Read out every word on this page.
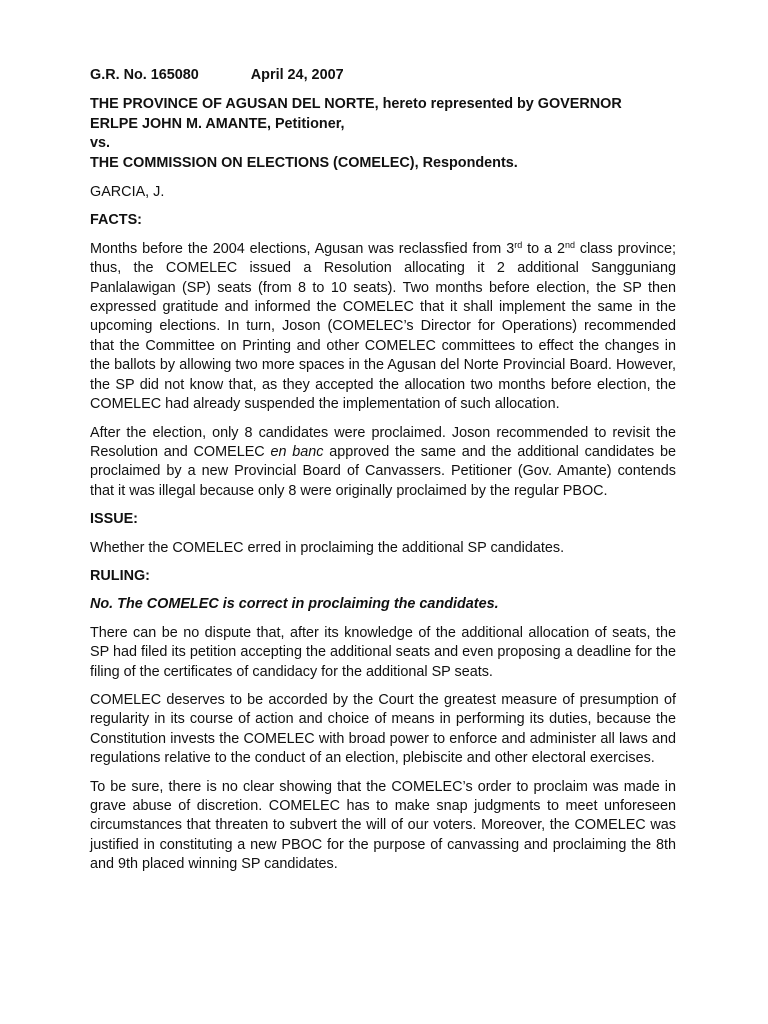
G.R. No. 165080	April 24, 2007
THE PROVINCE OF AGUSAN DEL NORTE, hereto represented by GOVERNOR
ERLPE JOHN M. AMANTE, Petitioner,
vs.
THE COMMISSION ON ELECTIONS (COMELEC), Respondents.
GARCIA, J.
FACTS:

Months before the 2004 elections, Agusan was reclassfied from 3rd to a 2nd class province; thus, the COMELEC issued a Resolution allocating it 2 additional Sangguniang Panlalawigan (SP) seats (from 8 to 10 seats). Two months before election, the SP then expressed gratitude and informed the COMELEC that it shall implement the same in the upcoming elections. In turn, Joson (COMELEC’s Director for Operations) recommended that the Committee on Printing and other COMELEC committees to effect the changes in the ballots by allowing two more spaces in the Agusan del Norte Provincial Board. However, the SP did not know that, as they accepted the allocation two months before election, the COMELEC had already suspended the implementation of such allocation.

After the election, only 8 candidates were proclaimed. Joson recommended to revisit the Resolution and COMELEC en banc approved the same and the additional candidates be proclaimed by a new Provincial Board of Canvassers. Petitioner (Gov. Amante) contends that it was illegal because only 8 were originally proclaimed by the regular PBOC.

ISSUE:

Whether the COMELEC erred in proclaiming the additional SP candidates.

RULING:
No. The COMELEC is correct in proclaiming the candidates.

There can be no dispute that, after its knowledge of the additional allocation of seats, the SP had filed its petition accepting the additional seats and even proposing a deadline for the filing of the certificates of candidacy for the additional SP seats.

COMELEC deserves to be accorded by the Court the greatest measure of presumption of regularity in its course of action and choice of means in performing its duties, because the Constitution invests the COMELEC with broad power to enforce and administer all laws and regulations relative to the conduct of an election, plebiscite and other electoral exercises.

To be sure, there is no clear showing that the COMELEC’s order to proclaim was made in grave abuse of discretion. COMELEC has to make snap judgments to meet unforeseen circumstances that threaten to subvert the will of our voters. Moreover, the COMELEC was justified in constituting a new PBOC for the purpose of canvassing and proclaiming the 8th and 9th placed winning SP candidates.
